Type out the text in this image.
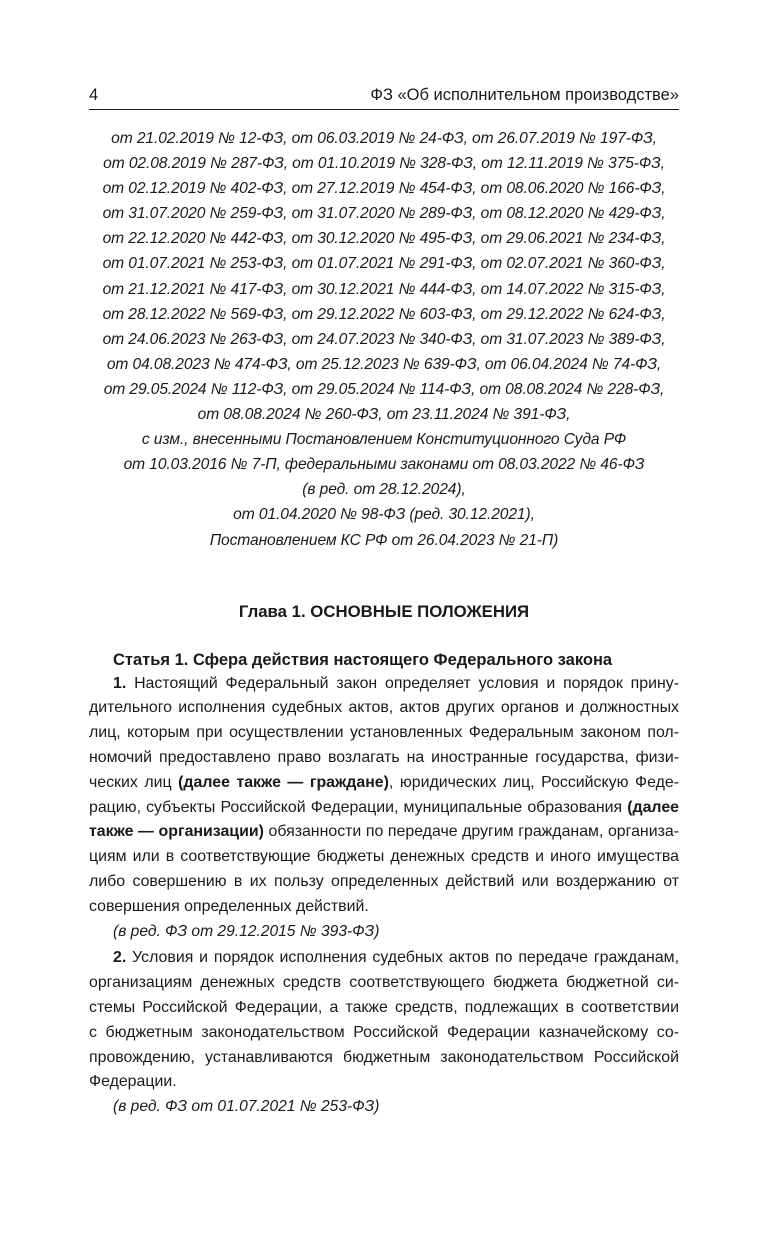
4	ФЗ «Об исполнительном производстве»
от 21.02.2019 № 12-ФЗ, от 06.03.2019 № 24-ФЗ, от 26.07.2019 № 197-ФЗ,
от 02.08.2019 № 287-ФЗ, от 01.10.2019 № 328-ФЗ, от 12.11.2019 № 375-ФЗ,
от 02.12.2019 № 402-ФЗ, от 27.12.2019 № 454-ФЗ, от 08.06.2020 № 166-ФЗ,
от 31.07.2020 № 259-ФЗ, от 31.07.2020 № 289-ФЗ, от 08.12.2020 № 429-ФЗ,
от 22.12.2020 № 442-ФЗ, от 30.12.2020 № 495-ФЗ, от 29.06.2021 № 234-ФЗ,
от 01.07.2021 № 253-ФЗ, от 01.07.2021 № 291-ФЗ, от 02.07.2021 № 360-ФЗ,
от 21.12.2021 № 417-ФЗ, от 30.12.2021 № 444-ФЗ, от 14.07.2022 № 315-ФЗ,
от 28.12.2022 № 569-ФЗ, от 29.12.2022 № 603-ФЗ, от 29.12.2022 № 624-ФЗ,
от 24.06.2023 № 263-ФЗ, от 24.07.2023 № 340-ФЗ, от 31.07.2023 № 389-ФЗ,
от 04.08.2023 № 474-ФЗ, от 25.12.2023 № 639-ФЗ, от 06.04.2024 № 74-ФЗ,
от 29.05.2024 № 112-ФЗ, от 29.05.2024 № 114-ФЗ, от 08.08.2024 № 228-ФЗ,
от 08.08.2024 № 260-ФЗ, от 23.11.2024 № 391-ФЗ,
с изм., внесенными Постановлением Конституционного Суда РФ
от 10.03.2016 № 7-П, федеральными законами от 08.03.2022 № 46-ФЗ
(в ред. от 28.12.2024),
от 01.04.2020 № 98-ФЗ (ред. 30.12.2021),
Постановлением КС РФ от 26.04.2023 № 21-П)
Глава 1. ОСНОВНЫЕ ПОЛОЖЕНИЯ
Статья 1. Сфера действия настоящего Федерального закона
1. Настоящий Федеральный закон определяет условия и порядок прину-
дительного исполнения судебных актов, актов других органов и должностных
лиц, которым при осуществлении установленных Федеральным законом пол-
номочий предоставлено право возлагать на иностранные государства, физи-
ческих лиц (далее также — граждане), юридических лиц, Российскую Феде-
рацию, субъекты Российской Федерации, муниципальные образования (далее
также — организации) обязанности по передаче другим гражданам, организа-
циям или в соответствующие бюджеты денежных средств и иного имущества
либо совершению в их пользу определенных действий или воздержанию от
совершения определенных действий.
(в ред. ФЗ от 29.12.2015 № 393-ФЗ)
2. Условия и порядок исполнения судебных актов по передаче гражданам,
организациям денежных средств соответствующего бюджета бюджетной си-
стемы Российской Федерации, а также средств, подлежащих в соответствии
с бюджетным законодательством Российской Федерации казначейскому со-
провождению, устанавливаются бюджетным законодательством Российской
Федерации.
(в ред. ФЗ от 01.07.2021 № 253-ФЗ)
